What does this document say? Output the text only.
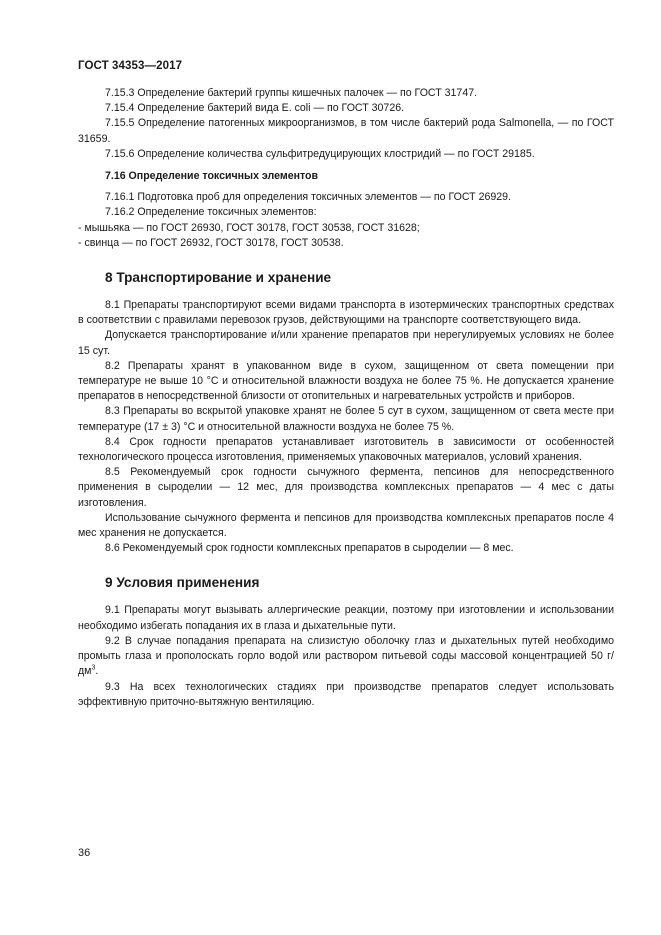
ГОСТ 34353—2017

7.15.3 Определение бактерий группы кишечных палочек — по ГОСТ 31747.

7.15.4 Определение бактерий вида E. coli — по ГОСТ 30726.

7.15.5 Определение патогенных микроорганизмов, в том числе бактерий рода Salmonella, — по ГОСТ 31659.

7.15.6 Определение количества сульфитредуцирующих клостридий — по ГОСТ 29185.

7.16 Определение токсичных элементов

7.16.1 Подготовка проб для определения токсичных элементов — по ГОСТ 26929.

7.16.2 Определение токсичных элементов:

- мышьяка — по ГОСТ 26930, ГОСТ 30178, ГОСТ 30538, ГОСТ 31628;

- свинца — по ГОСТ 26932, ГОСТ 30178, ГОСТ 30538.

8 Транспортирование и хранение

8.1 Препараты транспортируют всеми видами транспорта в изотермических транспортных средствах в соответствии с правилами перевозок грузов, действующими на транспорте соответствующего вида.

Допускается транспортирование и/или хранение препаратов при нерегулируемых условиях не более 15 сут.

8.2 Препараты хранят в упакованном виде в сухом, защищенном от света помещении при температуре не выше 10 °С и относительной влажности воздуха не более 75 %. Не допускается хранение препаратов в непосредственной близости от отопительных и нагревательных устройств и приборов.

8.3 Препараты во вскрытой упаковке хранят не более 5 сут в сухом, защищенном от света месте при температуре (17 ± 3) °С и относительной влажности воздуха не более 75 %.

8.4 Срок годности препаратов устанавливает изготовитель в зависимости от особенностей технологического процесса изготовления, применяемых упаковочных материалов, условий хранения.

8.5 Рекомендуемый срок годности сычужного фермента, пепсинов для непосредственного применения в сыроделии — 12 мес, для производства комплексных препаратов — 4 мес с даты изготовления.

Использование сычужного фермента и пепсинов для производства комплексных препаратов после 4 мес хранения не допускается.

8.6 Рекомендуемый срок годности комплексных препаратов в сыроделии — 8 мес.

9 Условия применения

9.1 Препараты могут вызывать аллергические реакции, поэтому при изготовлении и использовании необходимо избегать попадания их в глаза и дыхательные пути.

9.2 В случае попадания препарата на слизистую оболочку глаз и дыхательных путей необходимо промыть глаза и прополоскать горло водой или раствором питьевой соды массовой концентрацией 50 $г/дм^3$.

9.3 На всех технологических стадиях при производстве препаратов следует использовать эффективную приточно-вытяжную вентиляцию.

36
